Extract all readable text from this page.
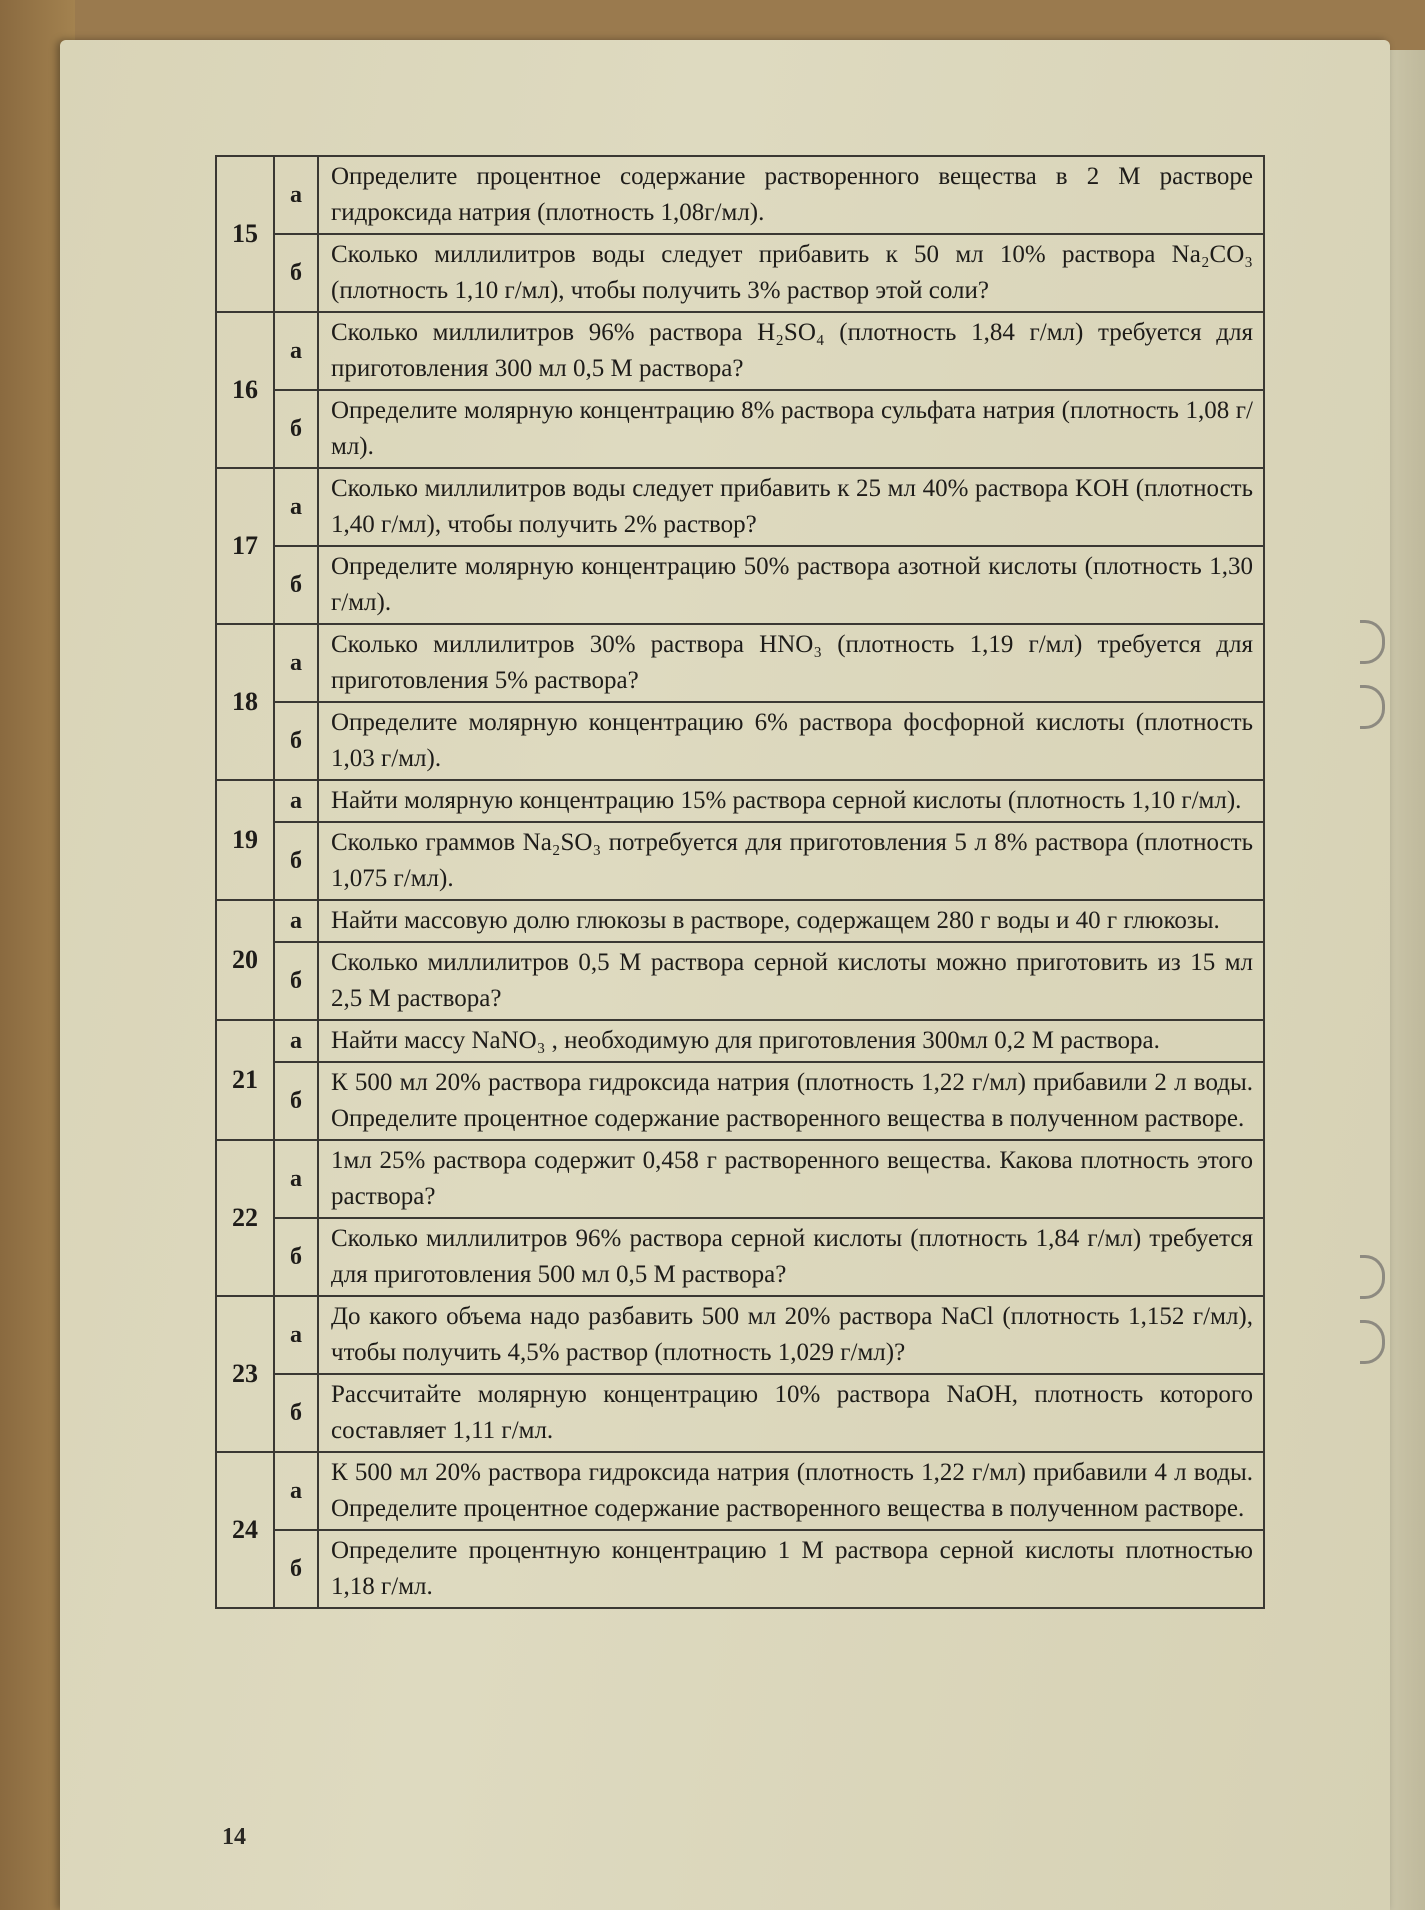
15	а	Определите процентное содержание растворенного вещества в 2 М растворе гидроксида натрия (плотность 1,08г/мл).
	б	Сколько миллилитров воды следует прибавить к 50 мл 10% раствора Na₂CO₃ (плотность 1,10 г/мл), чтобы получить 3% раствор этой соли?
16	а	Сколько миллилитров 96% раствора H₂SO₄ (плотность 1,84 г/мл) требуется для приготовления 300 мл 0,5 М раствора?
	б	Определите молярную концентрацию 8% раствора сульфата натрия (плотность 1,08 г/мл).
17	а	Сколько миллилитров воды следует прибавить к 25 мл 40% раствора KOH (плотность 1,40 г/мл), чтобы получить 2% раствор?
	б	Определите молярную концентрацию 50% раствора азотной кислоты (плотность 1,30 г/мл).
18	а	Сколько миллилитров 30% раствора HNO₃ (плотность 1,19 г/мл) требуется для приготовления 5% раствора?
	б	Определите молярную концентрацию 6% раствора фосфорной кислоты (плотность 1,03 г/мл).
19	а	Найти молярную концентрацию 15% раствора серной кислоты (плотность 1,10 г/мл).
	б	Сколько граммов Na₂SO₃ потребуется для приготовления 5 л 8% раствора (плотность 1,075 г/мл).
20	а	Найти массовую долю глюкозы в растворе, содержащем 280 г воды и 40 г глюкозы.
	б	Сколько миллилитров 0,5 М раствора серной кислоты можно приготовить из 15 мл 2,5 М раствора?
21	а	Найти массу NaNO₃ , необходимую для приготовления 300мл 0,2 М раствора.
	б	К 500 мл 20% раствора гидроксида натрия (плотность 1,22 г/мл) прибавили 2 л воды. Определите процентное содержание растворенного вещества в полученном растворе.
22	а	1мл 25% раствора содержит 0,458 г растворенного вещества. Какова плотность этого раствора?
	б	Сколько миллилитров 96% раствора серной кислоты (плотность 1,84 г/мл) требуется для приготовления 500 мл 0,5 М раствора?
23	а	До какого объема надо разбавить 500 мл 20% раствора NaCl (плотность 1,152 г/мл), чтобы получить 4,5% раствор (плотность 1,029 г/мл)?
	б	Рассчитайте молярную концентрацию 10% раствора NaOH, плотность которого составляет 1,11 г/мл.
24	а	К 500 мл 20% раствора гидроксида натрия (плотность 1,22 г/мл) прибавили 4 л воды. Определите процентное содержание растворенного вещества в полученном растворе.
	б	Определите процентную концентрацию 1 М раствора серной кислоты плотностью 1,18 г/мл.
14
